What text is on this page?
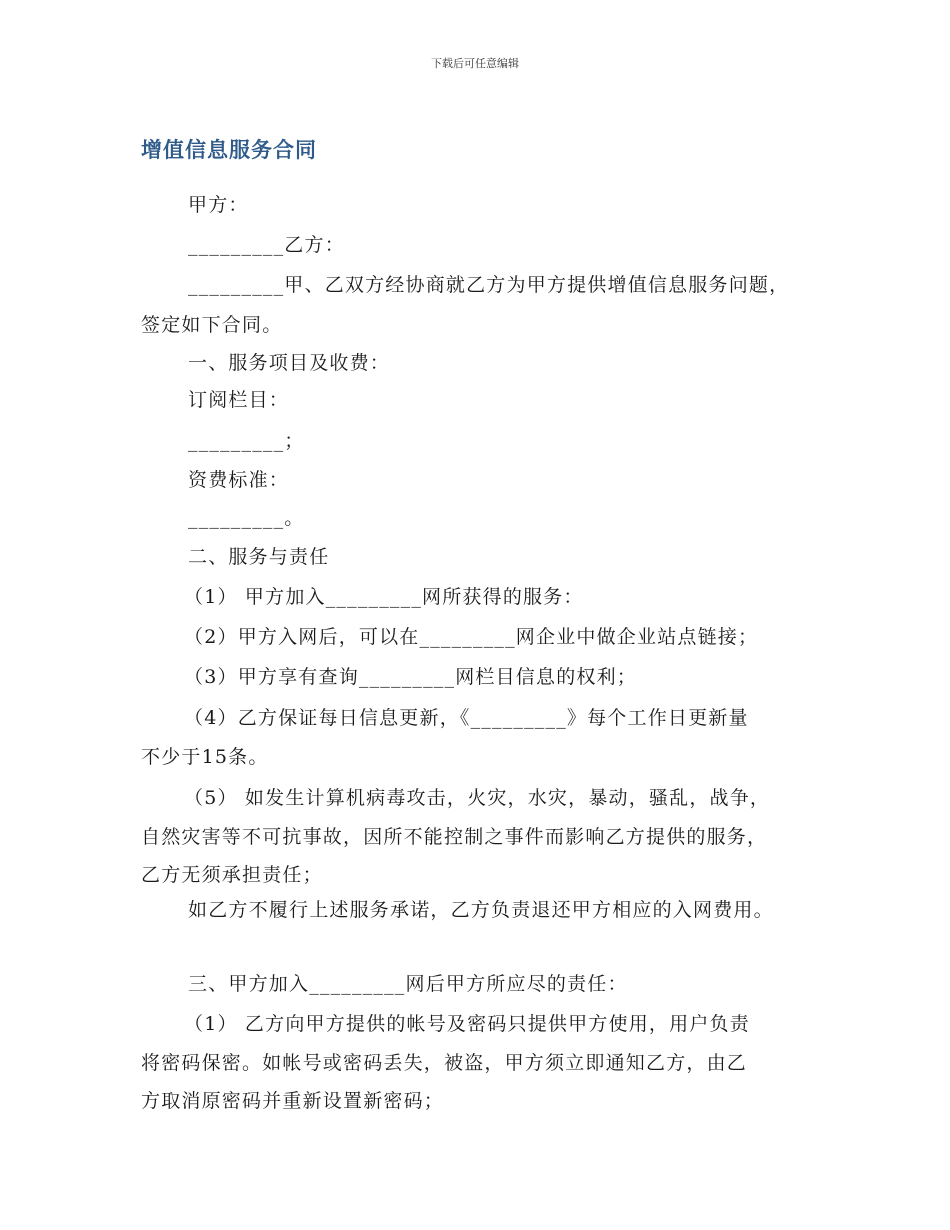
下载后可任意编辑
增值信息服务合同
甲方：
_________乙方：
_________甲、乙双方经协商就乙方为甲方提供增值信息服务问题，
签定如下合同。
一、服务项目及收费：
订阅栏目：
_________；
资费标准：
_________。
二、服务与责任
（1） 甲方加入_________网所获得的服务：
（2）甲方入网后，可以在_________网企业中做企业站点链接；
（3）甲方享有查询_________网栏目信息的权利；
（4）乙方保证每日信息更新，《_________》每个工作日更新量
不少于15条。
（5） 如发生计算机病毒攻击，火灾，水灾，暴动，骚乱，战争，
自然灾害等不可抗事故，因所不能控制之事件而影响乙方提供的服务，
乙方无须承担责任；
如乙方不履行上述服务承诺，乙方负责退还甲方相应的入网费用。
三、甲方加入_________网后甲方所应尽的责任：
（1） 乙方向甲方提供的帐号及密码只提供甲方使用，用户负责
将密码保密。如帐号或密码丢失，被盗，甲方须立即通知乙方，由乙
方取消原密码并重新设置新密码；
